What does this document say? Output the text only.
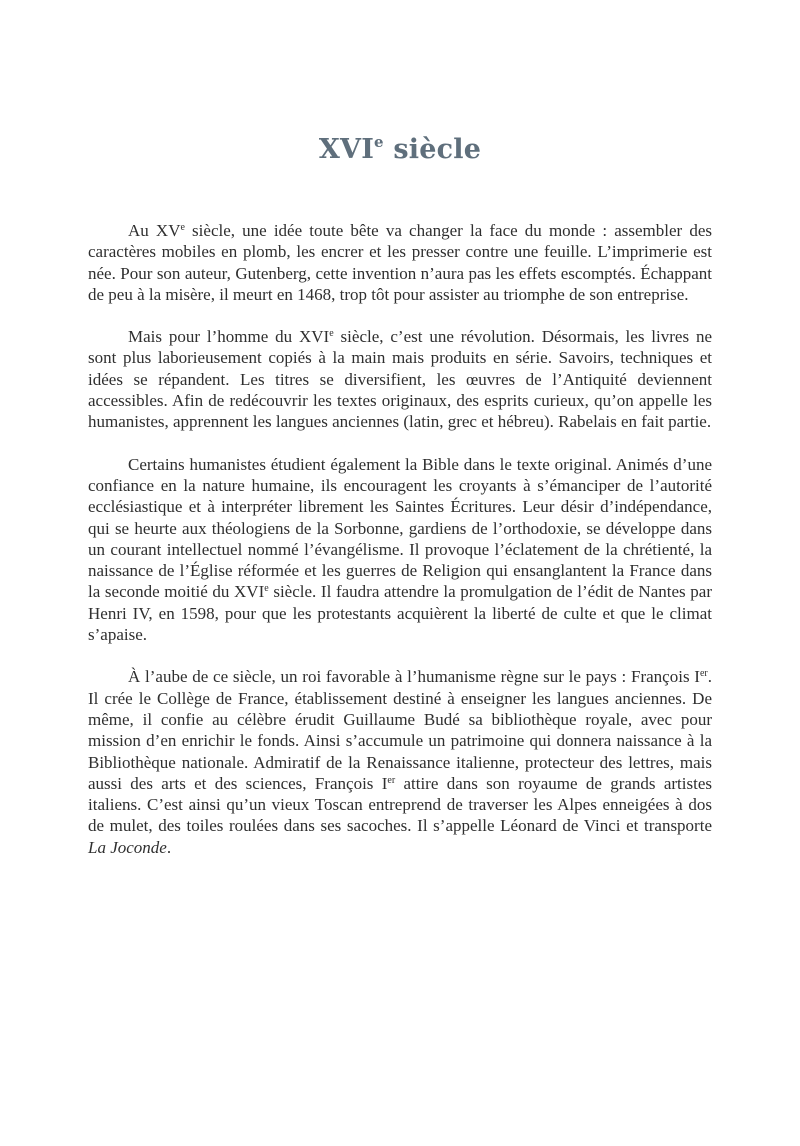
XVIe siècle

Au XVe siècle, une idée toute bête va changer la face du monde : assembler des caractères mobiles en plomb, les encrer et les presser contre une feuille. L’imprimerie est née. Pour son auteur, Gutenberg, cette invention n’aura pas les effets escomptés. Échappant de peu à la misère, il meurt en 1468, trop tôt pour assister au triomphe de son entreprise.

Mais pour l’homme du XVIe siècle, c’est une révolution. Désormais, les livres ne sont plus laborieusement copiés à la main mais produits en série. Savoirs, techniques et idées se répandent. Les titres se diversifient, les œuvres de l’Antiquité deviennent accessibles. Afin de redécouvrir les textes originaux, des esprits curieux, qu’on appelle les humanistes, apprennent les langues anciennes (latin, grec et hébreu). Rabelais en fait partie.

Certains humanistes étudient également la Bible dans le texte original. Animés d’une confiance en la nature humaine, ils encouragent les croyants à s’émanciper de l’autorité ecclésiastique et à interpréter librement les Saintes Écritures. Leur désir d’indépendance, qui se heurte aux théologiens de la Sorbonne, gardiens de l’orthodoxie, se développe dans un courant intellectuel nommé l’évangélisme. Il provoque l’éclatement de la chrétienté, la naissance de l’Église réformée et les guerres de Religion qui ensanglantent la France dans la seconde moitié du XVIe siècle. Il faudra attendre la promulgation de l’édit de Nantes par Henri IV, en 1598, pour que les protestants acquièrent la liberté de culte et que le climat s’apaise.

À l’aube de ce siècle, un roi favorable à l’humanisme règne sur le pays : François Ier. Il crée le Collège de France, établissement destiné à enseigner les langues anciennes. De même, il confie au célèbre érudit Guillaume Budé sa bibliothèque royale, avec pour mission d’en enrichir le fonds. Ainsi s’accumule un patrimoine qui donnera naissance à la Bibliothèque nationale. Admiratif de la Renaissance italienne, protecteur des lettres, mais aussi des arts et des sciences, François Ier attire dans son royaume de grands artistes italiens. C’est ainsi qu’un vieux Toscan entreprend de traverser les Alpes enneigées à dos de mulet, des toiles roulées dans ses sacoches. Il s’appelle Léonard de Vinci et transporte La Joconde.
